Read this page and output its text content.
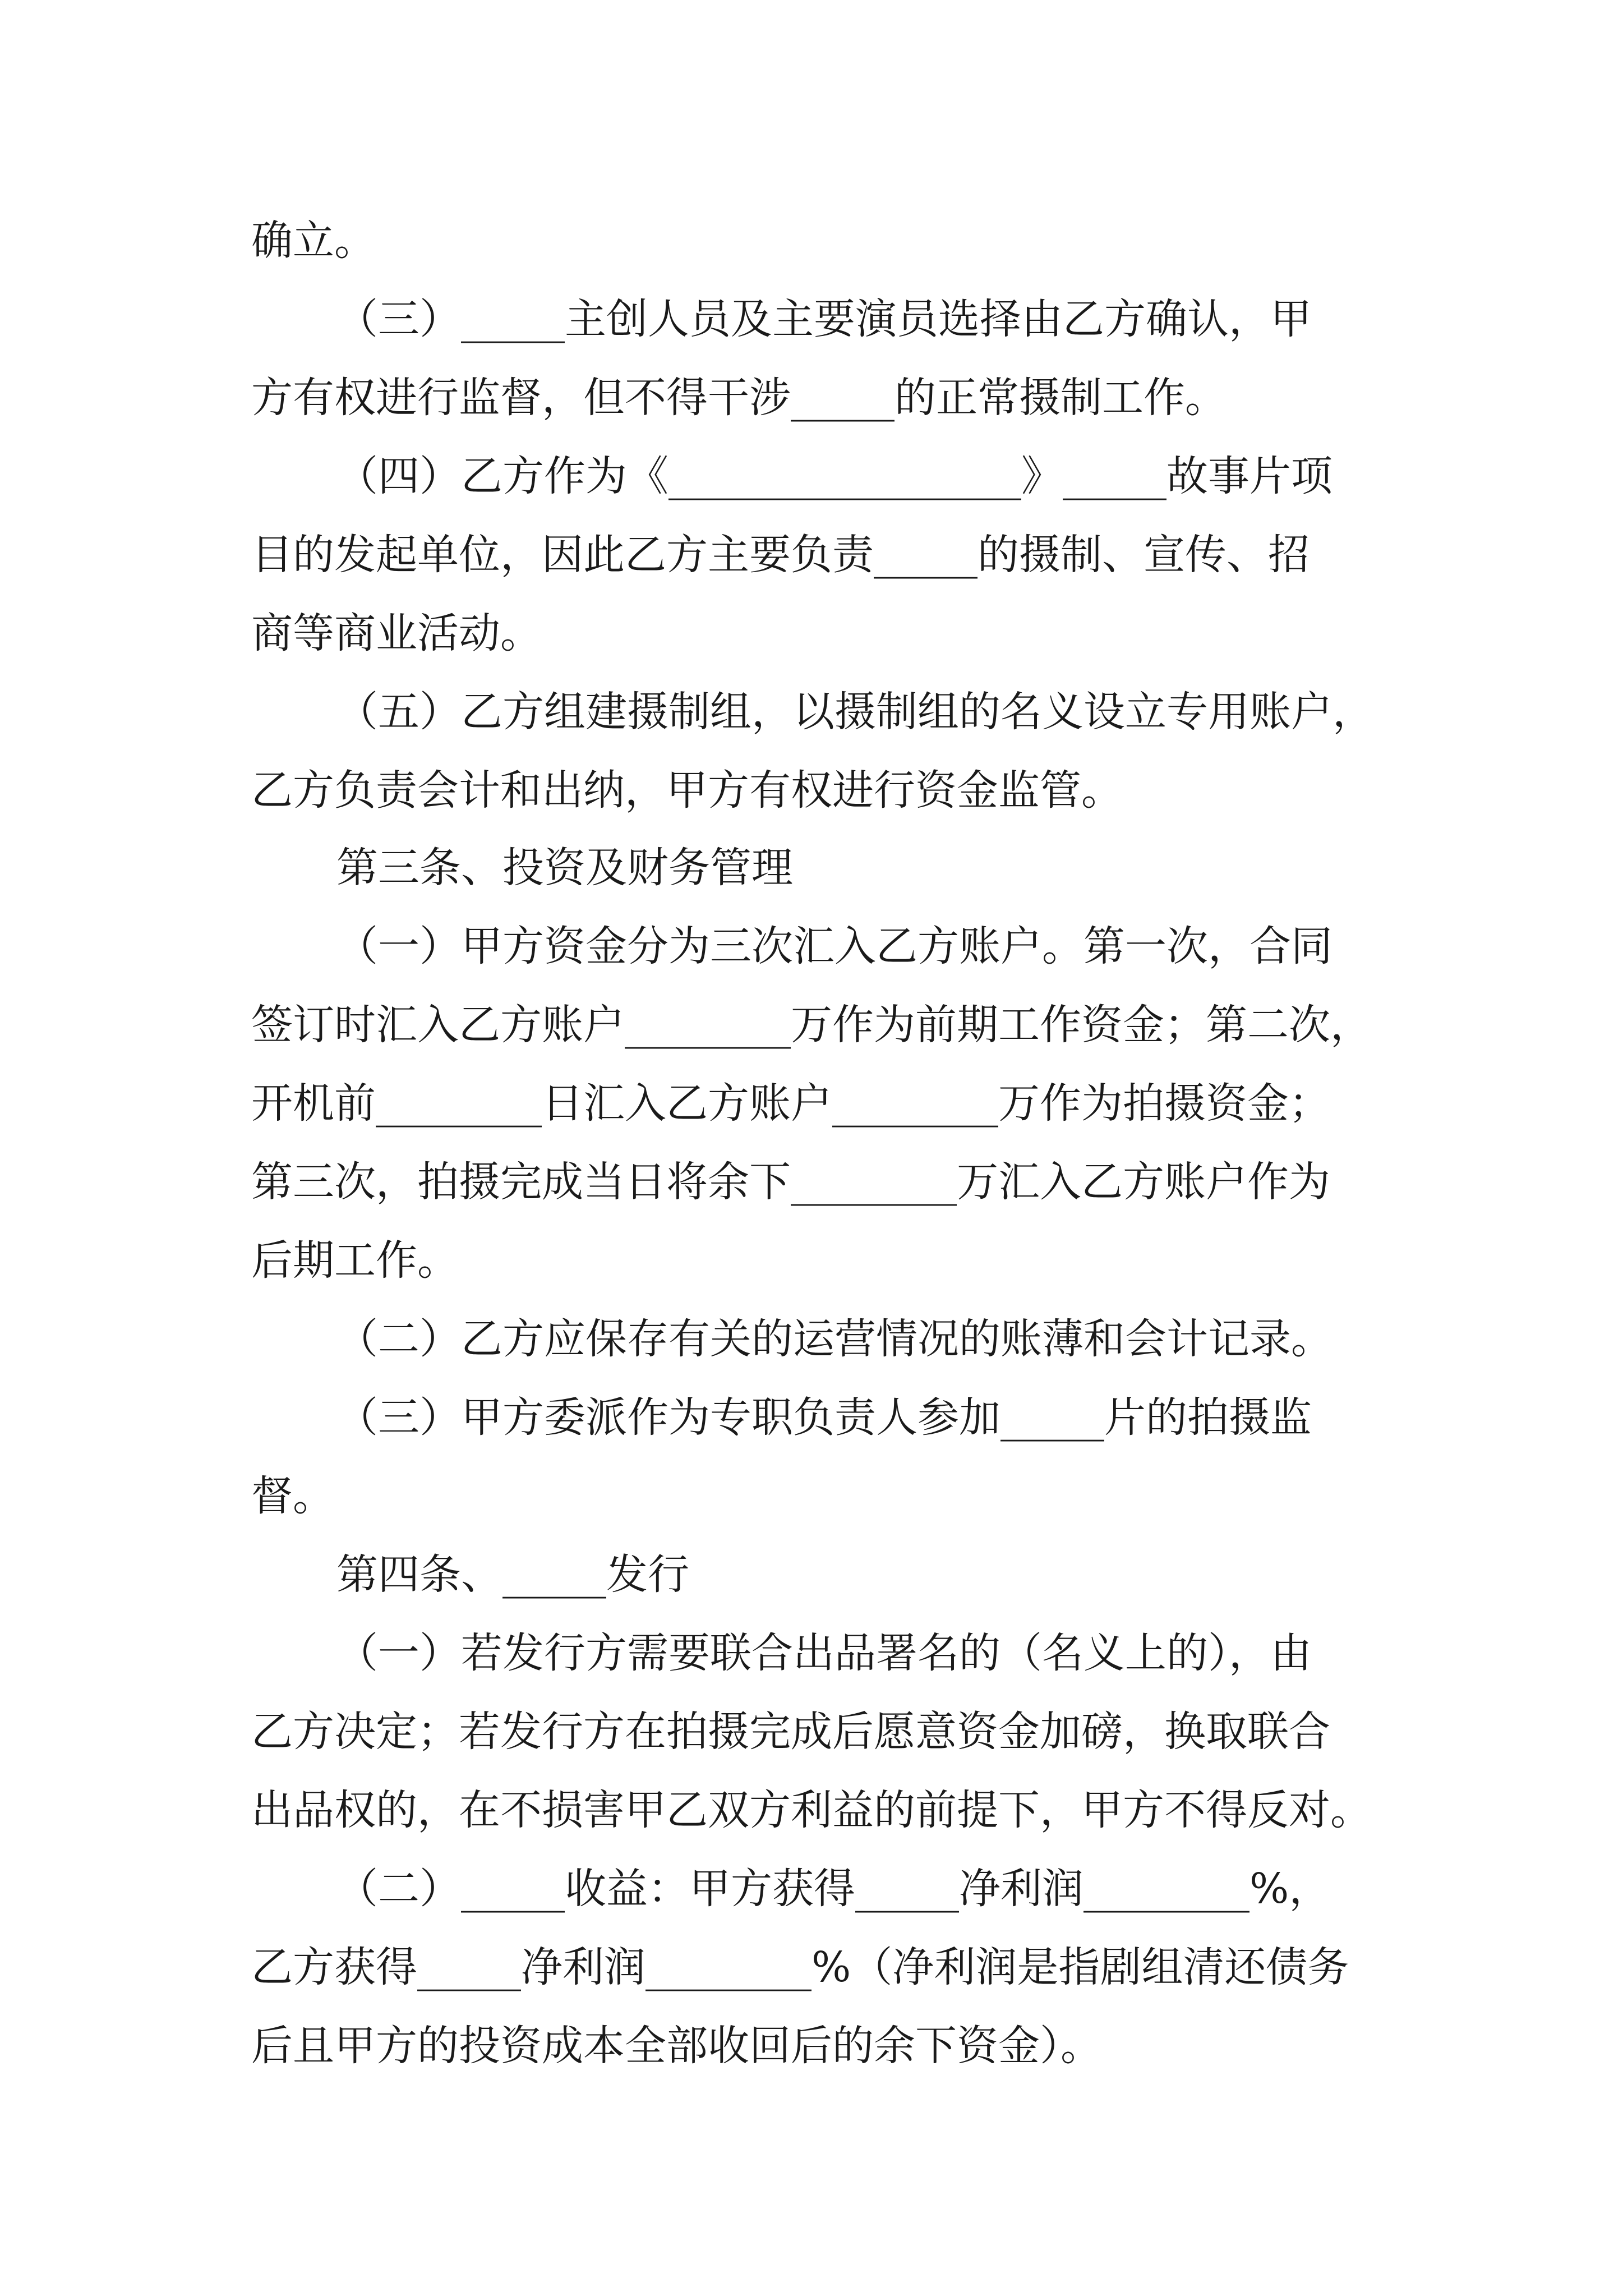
确立。
（三）_____主创人员及主要演员选择由乙方确认，甲
方有权进行监督，但不得干涉_____的正常摄制工作。
（四）乙方作为《_________________》_____故事片项
目的发起单位，因此乙方主要负责_____的摄制、宣传、招
商等商业活动。
（五）乙方组建摄制组，以摄制组的名义设立专用账户，
乙方负责会计和出纳，甲方有权进行资金监管。
第三条、投资及财务管理
（一）甲方资金分为三次汇入乙方账户。第一次，合同
签订时汇入乙方账户________万作为前期工作资金；第二次，
开机前________日汇入乙方账户________万作为拍摄资金；
第三次，拍摄完成当日将余下________万汇入乙方账户作为
后期工作。
（二）乙方应保存有关的运营情况的账薄和会计记录。
（三）甲方委派作为专职负责人参加_____片的拍摄监
督。
第四条、_____发行
（一）若发行方需要联合出品署名的（名义上的），由
乙方决定；若发行方在拍摄完成后愿意资金加磅，换取联合
出品权的，在不损害甲乙双方利益的前提下，甲方不得反对。
（二）_____收益：甲方获得_____净利润________%，
乙方获得_____净利润________%（净利润是指剧组清还债务
后且甲方的投资成本全部收回后的余下资金）。
